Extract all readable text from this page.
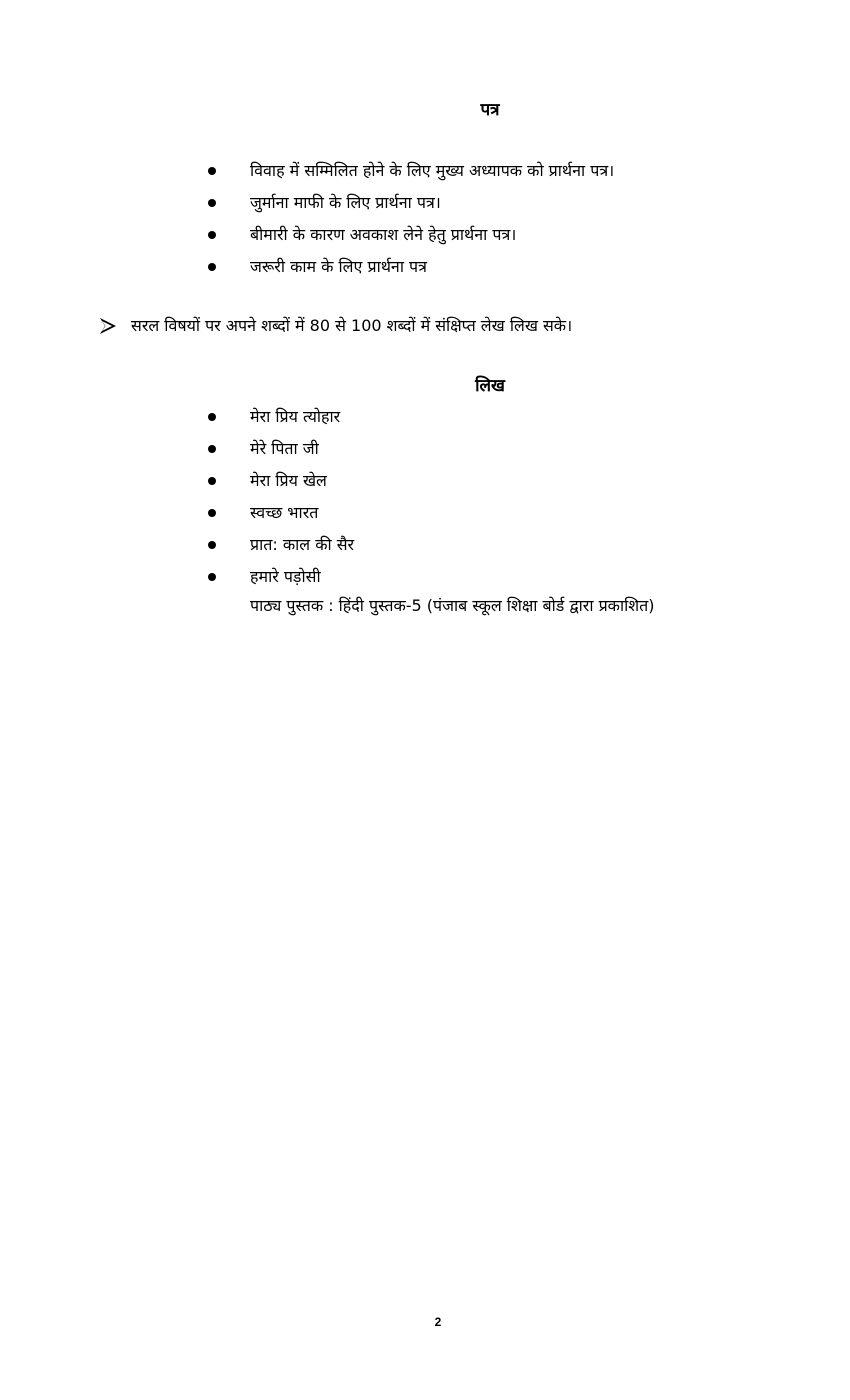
पत्र
विवाह में सम्मिलित होने के लिए मुख्य अध्यापक को प्रार्थना पत्र।
जुर्माना माफी के लिए प्रार्थना पत्र।
बीमारी के कारण अवकाश लेने हेतु प्रार्थना पत्र।
जरूरी काम के लिए प्रार्थना पत्र
सरल विषयों पर अपने शब्दों में 80 से 100 शब्दों में संक्षिप्त लेख लिख सके।
लिख
मेरा प्रिय त्योहार
मेरे पिता जी
मेरा प्रिय खेल
स्वच्छ भारत
प्रात: काल की सैर
हमारे पड़ोसी
पाठ्य पुस्तक : हिंदी पुस्तक-5 (पंजाब स्कूल शिक्षा बोर्ड द्वारा प्रकाशित)
2
